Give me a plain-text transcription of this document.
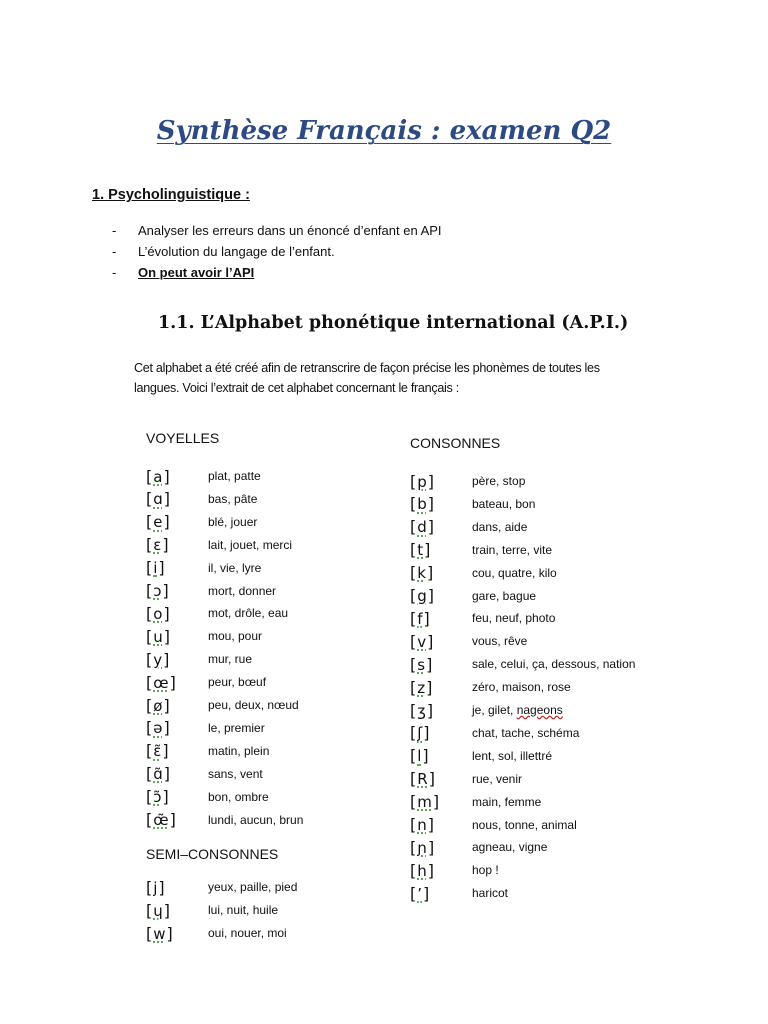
Synthèse Français : examen Q2
1. Psycholinguistique :
-	Analyser les erreurs dans un énoncé d’enfant en API
-	L’évolution du langage de l’enfant.
-	On peut avoir l’API
1.1. L’Alphabet phonétique international (A.P.I.)
Cet alphabet a été créé afin de retranscrire de façon précise les phonèmes de toutes les langues. Voici l’extrait de cet alphabet concernant le français :
VOYELLES
SEMI–CONSONNES
CONSONNES
[a]	plat, patte
[ɑ]	bas, pâte
[e]	blé, jouer
[ɛ]	lait, jouet, merci
[i]	il, vie, lyre
[ɔ]	mort, donner
[o]	mot, drôle, eau
[u]	mou, pour
[y]	mur, rue
[œ]	peur, bœuf
[ø]	peu, deux, nœud
[ə]	le, premier
[ɛ̃]	matin, plein
[ɑ̃]	sans, vent
[ɔ̃]	bon, ombre
[œ̃]	lundi, aucun, brun
[j]	yeux, paille, pied
[ɥ]	lui, nuit, huile
[w]	oui, nouer, moi
[p]	père, stop
[b]	bateau, bon
[d]	dans, aide
[t]	train, terre, vite
[k]	cou, quatre, kilo
[g]	gare, bague
[f]	feu, neuf, photo
[v]	vous, rêve
[s]	sale, celui, ça, dessous, nation
[z]	zéro, maison, rose
[ʒ]	je, gilet, nageons
[ʃ]	chat, tache, schéma
[l]	lent, sol, illettré
[R]	rue, venir
[m]	main, femme
[n]	nous, tonne, animal
[ɲ]	agneau, vigne
[h]	hop !
[ʼ]	haricot
